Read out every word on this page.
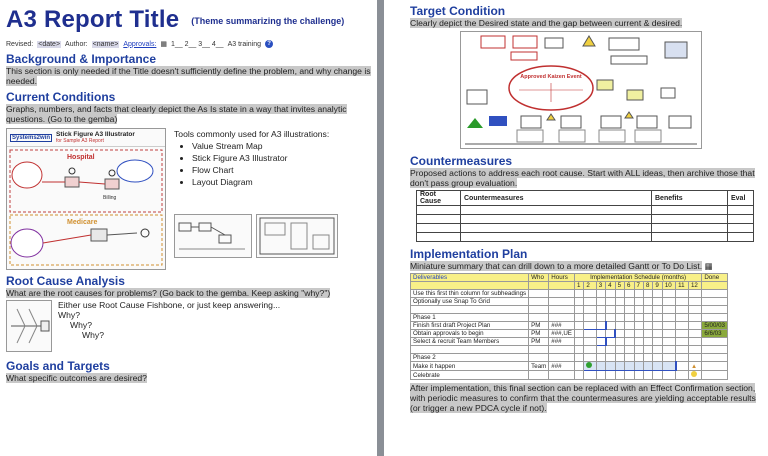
A3 Report Title (Theme summarizing the challenge)
Revised: <date> Author: <name> Approvals: ▦ 1__ 2__ 3__ 4__ A3 training	?
Background & Importance
This section is only needed if the Title doesn't sufficiently define the problem, and why change is needed.
Current Conditions
Graphs, numbers, and facts that clearly depict the As Is state in a way that invites analytic questions. (Go to the gemba)
Systems2win Stick Figure A3 Illustrator
for Sample A3 Report
Hospital
Billing
Medicare
Tools commonly used for A3 illustrations:
• Value Stream Map
• Stick Figure A3 Illustrator
• Flow Chart
• Layout Diagram
Root Cause Analysis
What are the root causes for problems? (Go back to the gemba. Keep asking "why?")
Either use Root Cause Fishbone, or just keep answering...
Why?
Why?
Why?
Goals and Targets
What specific outcomes are desired?
Target Condition
Clearly depict the Desired state and the gap between current & desired.
Approved Kaizen Event
Countermeasures
Proposed actions to address each root cause. Start with ALL ideas, then archive those that don't pass group evaluation.
Root Cause	Countermeasures	Benefits	Eval

Implementation Plan
Miniature summary that can drill down to a more detailed Gantt or To Do List. ▦
Deliverables	Who	Hours	Implementation Schedule (months)												Done
			1	2	3	4	5	6	7	8	9	10	11	12	
Use this first thin column for subheadings															
Optionally use Snap To Grid															

Phase 1															
Finish first draft Project Plan	PM	###													5/00/03
Obtain approvals to begin	PM	###,UE													6/6/03
Select & recruit Team Members	PM	###													

Phase 2															
Make it happen	Team	###												▲	
Celebrate															
After implementation, this final section can be replaced with an Effect Confirmation section, with periodic measures to confirm that the countermeasures are yielding acceptable results (or trigger a new PDCA cycle if not).
